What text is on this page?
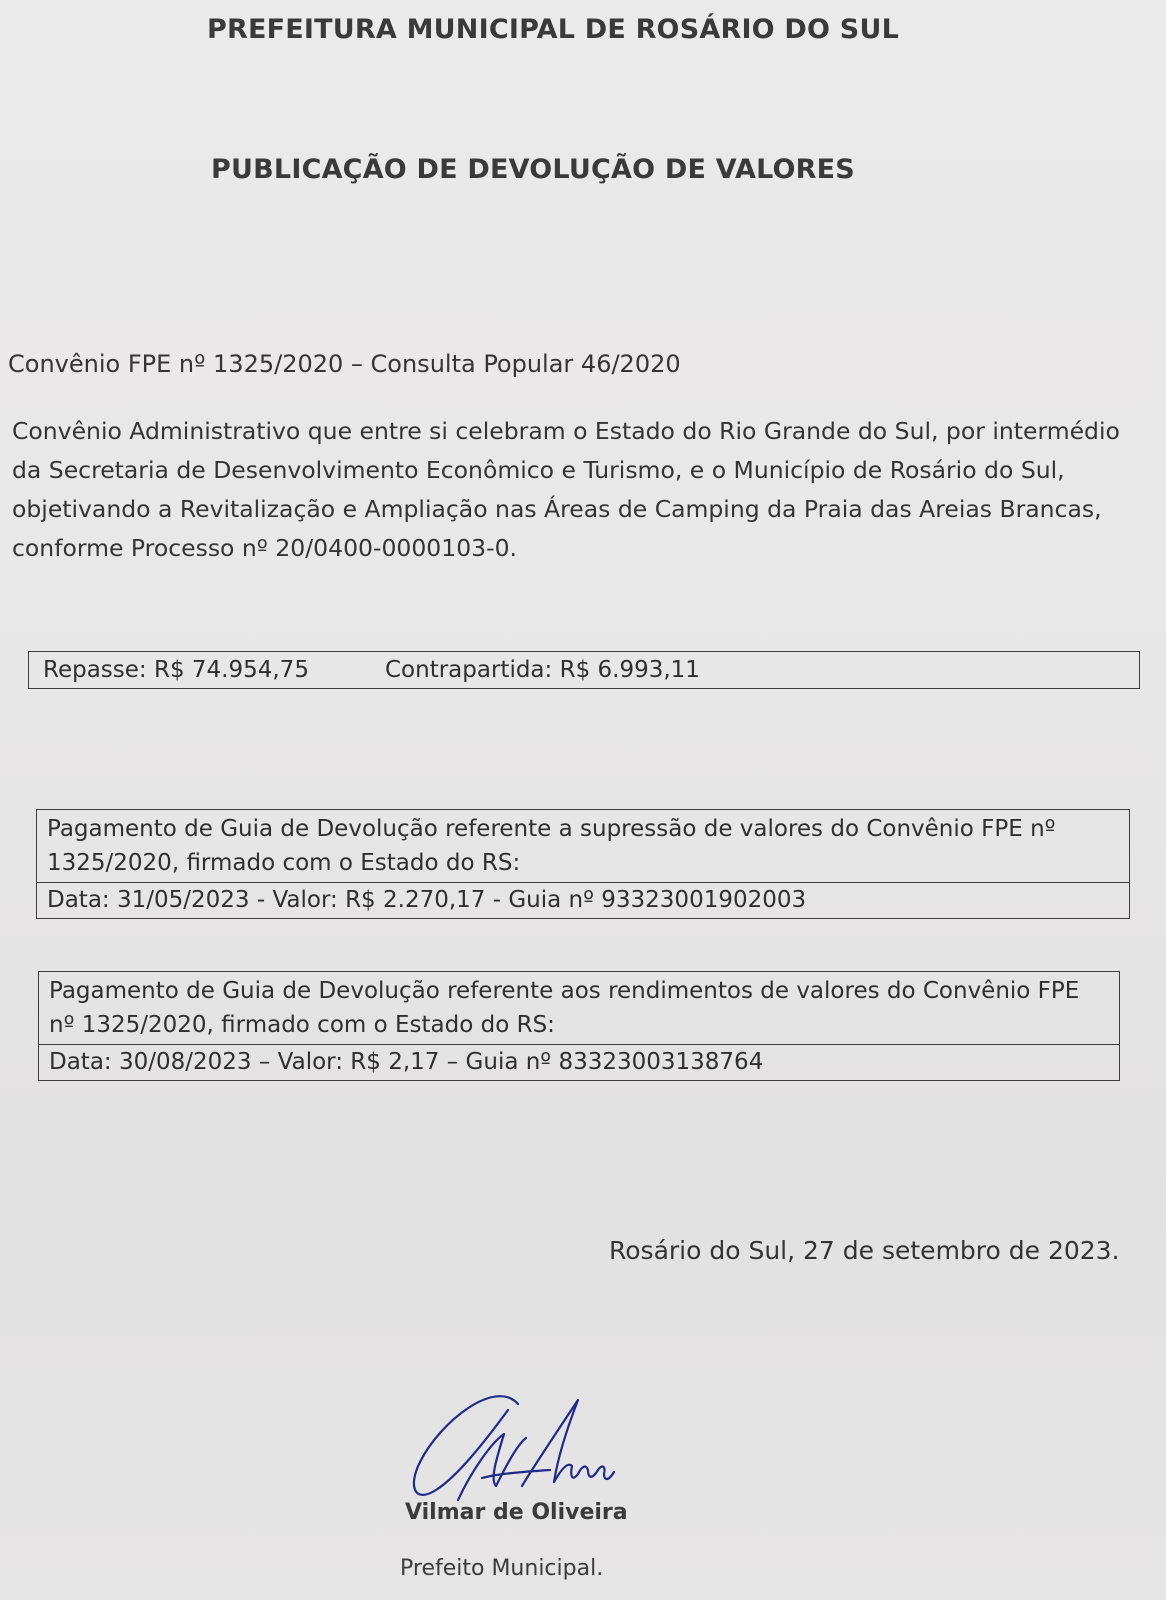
PREFEITURA MUNICIPAL DE ROSÁRIO DO SUL
PUBLICAÇÃO DE DEVOLUÇÃO DE VALORES

Convênio FPE nº 1325/2020 – Consulta Popular 46/2020

Convênio Administrativo que entre si celebram o Estado do Rio Grande do Sul, por intermédio da Secretaria de Desenvolvimento Econômico e Turismo, e o Município de Rosário do Sul, objetivando a Revitalização e Ampliação nas Áreas de Camping da Praia das Areias Brancas, conforme Processo nº 20/0400-0000103-0.

Repasse: R$ 74.954,75	Contrapartida: R$ 6.993,11
Pagamento de Guia de Devolução referente a supressão de valores do Convênio FPE nº 1325/2020, firmado com o Estado do RS:
Data: 31/05/2023 - Valor: R$ 2.270,17 - Guia nº 93323001902003
Pagamento de Guia de Devolução referente aos rendimentos de valores do Convênio FPE nº 1325/2020, firmado com o Estado do RS:
Data: 30/08/2023 – Valor: R$ 2,17 – Guia nº 83323003138764

Rosário do Sul, 27 de setembro de 2023.

Vilmar de Oliveira

Prefeito Municipal.
